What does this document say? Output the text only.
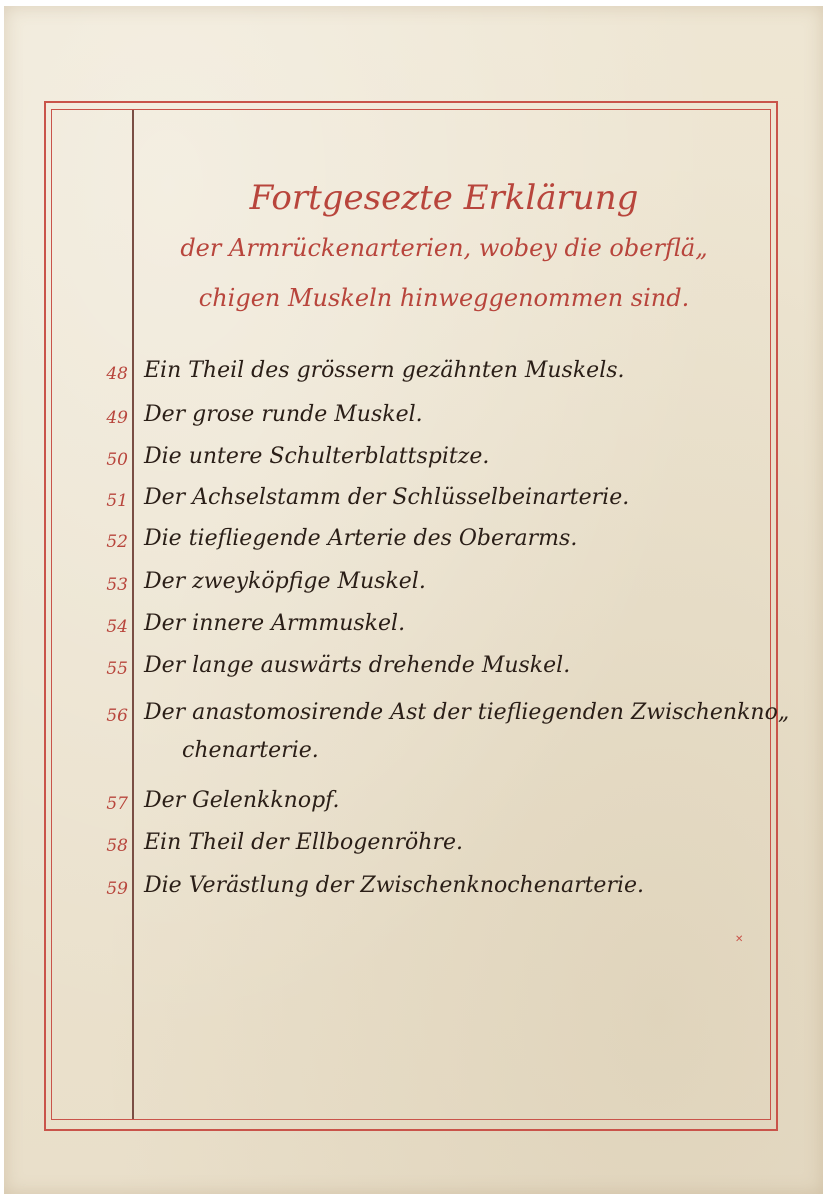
Fortgesezte Erklärung
der Armrückenarterien, wobey die oberflä„
chigen Muskeln hinweggenommen sind.
48 Ein Theil des grössern gezähnten Muskels.
49 Der grose runde Muskel.
50 Die untere Schulterblattspitze.
51 Der Achselstamm der Schlüsselbeinarterie.
52 Die tiefliegende Arterie des Oberarms.
53 Der zweyköpfige Muskel.
54 Der innere Armmuskel.
55 Der lange auswärts drehende Muskel.
56 Der anastomosirende Ast der tiefliegenden Zwischenkno„
chenarterie.
57 Der Gelenkknopf.
58 Ein Theil der Ellbogenröhre.
59 Die Verästlung der Zwischenknochenarterie.
✕
